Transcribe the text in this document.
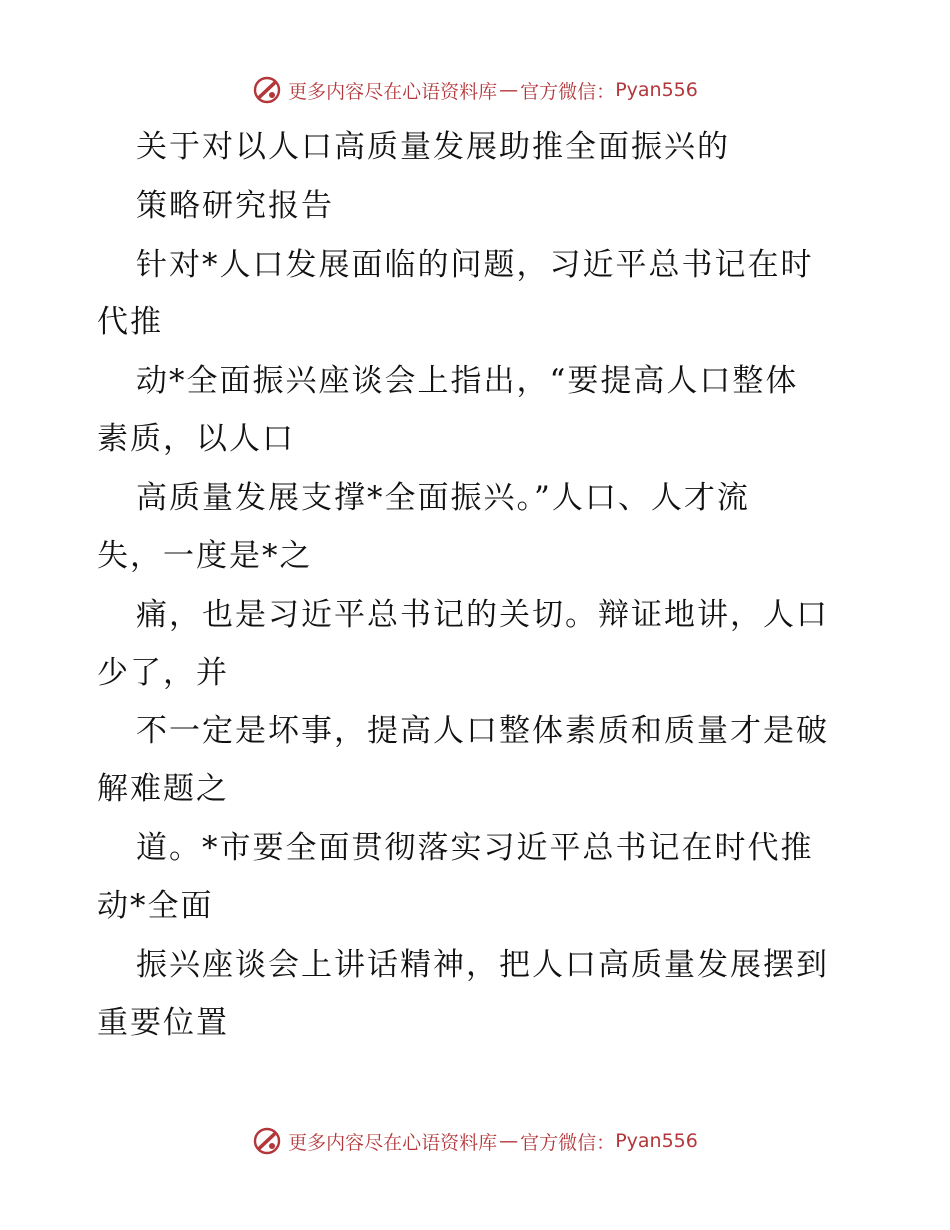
更多内容尽在心语资料库 — 官方微信： Pyan556
关于对以人口高质量发展助推全面振兴的
策略研究报告
针对*人口发展面临的问题，习近平总书记在时
代推
动*全面振兴座谈会上指出，“要提高人口整体
素质，以人口
高质量发展支撑*全面振兴。”人口、人才流
失，一度是*之
痛，也是习近平总书记的关切。辩证地讲，人口
少了，并
不一定是坏事，提高人口整体素质和质量才是破
解难题之
道。*市要全面贯彻落实习近平总书记在时代推
动*全面
振兴座谈会上讲话精神，把人口高质量发展摆到
重要位置
更多内容尽在心语资料库 — 官方微信： Pyan556
